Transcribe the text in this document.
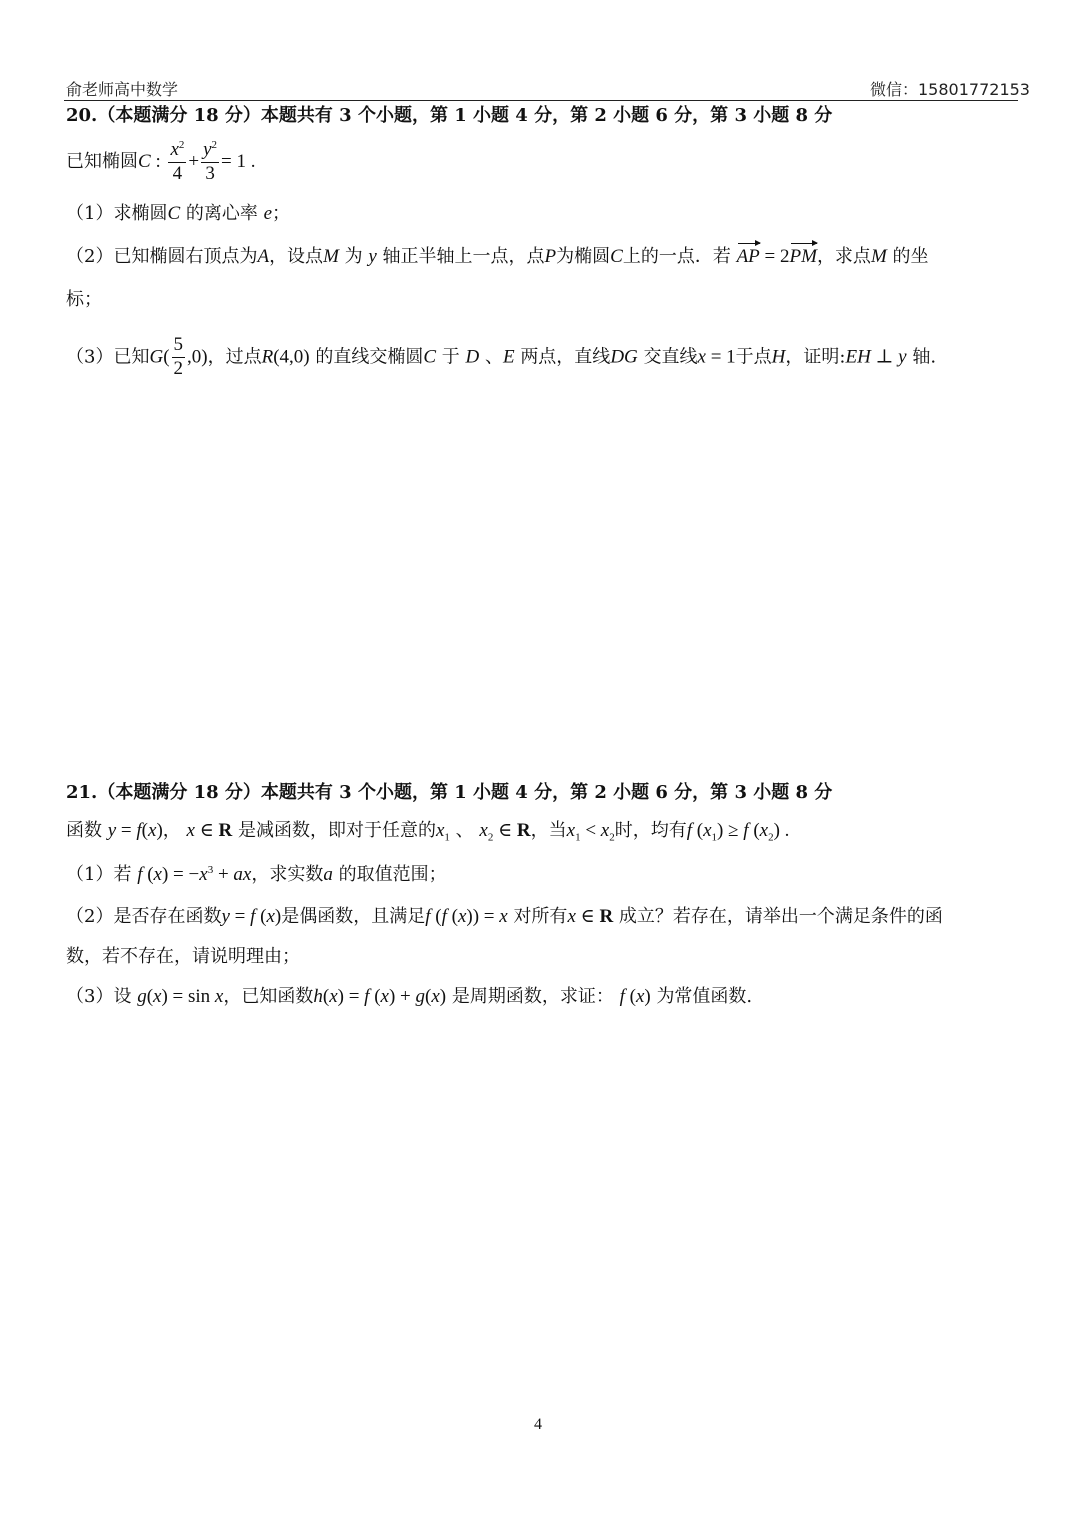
俞老师高中数学	微信：15801772153
20.（本题满分 18 分）本题共有 3 个小题，第 1 小题 4 分，第 2 小题 6 分，第 3 小题 8 分
已知椭圆C : $\frac{x^2}{4} + \frac{y^2}{3} = 1$ .
（1）求椭圆C 的离心率 e；
（2）已知椭圆右顶点为A，设点M 为 y 轴正半轴上一点，点P为椭圆C上的一点．若 AP = 2PM，求点M 的坐
标；
（3）已知$G( \frac{5}{2} ,0)$，过点R(4,0) 的直线交椭圆C 于 D 、E 两点，直线DG 交直线x = 1于点H，证明:EH ⊥ y 轴.
21.（本题满分 18 分）本题共有 3 个小题，第 1 小题 4 分，第 2 小题 6 分，第 3 小题 8 分
函数 y = f(x)， x ∈ R 是减函数，即对于任意的$x_1$ 、 $x_2$ ∈ R，当$x_1 < x_2$时，均有f $(x_1) \ge f$ $(x_2)$ .
（1）若 f $(x) = -x^3$ + ax，求实数a 的取值范围；
（2）是否存在函数y = f (x)是偶函数，且满足f (f (x)) = x 对所有x ∈ R 成立？若存在，请举出一个满足条件的函
数，若不存在，请说明理由；
（3）设 g(x) = sin x，已知函数h(x) = f (x) + g(x) 是周期函数，求证： f (x) 为常值函数.
4
